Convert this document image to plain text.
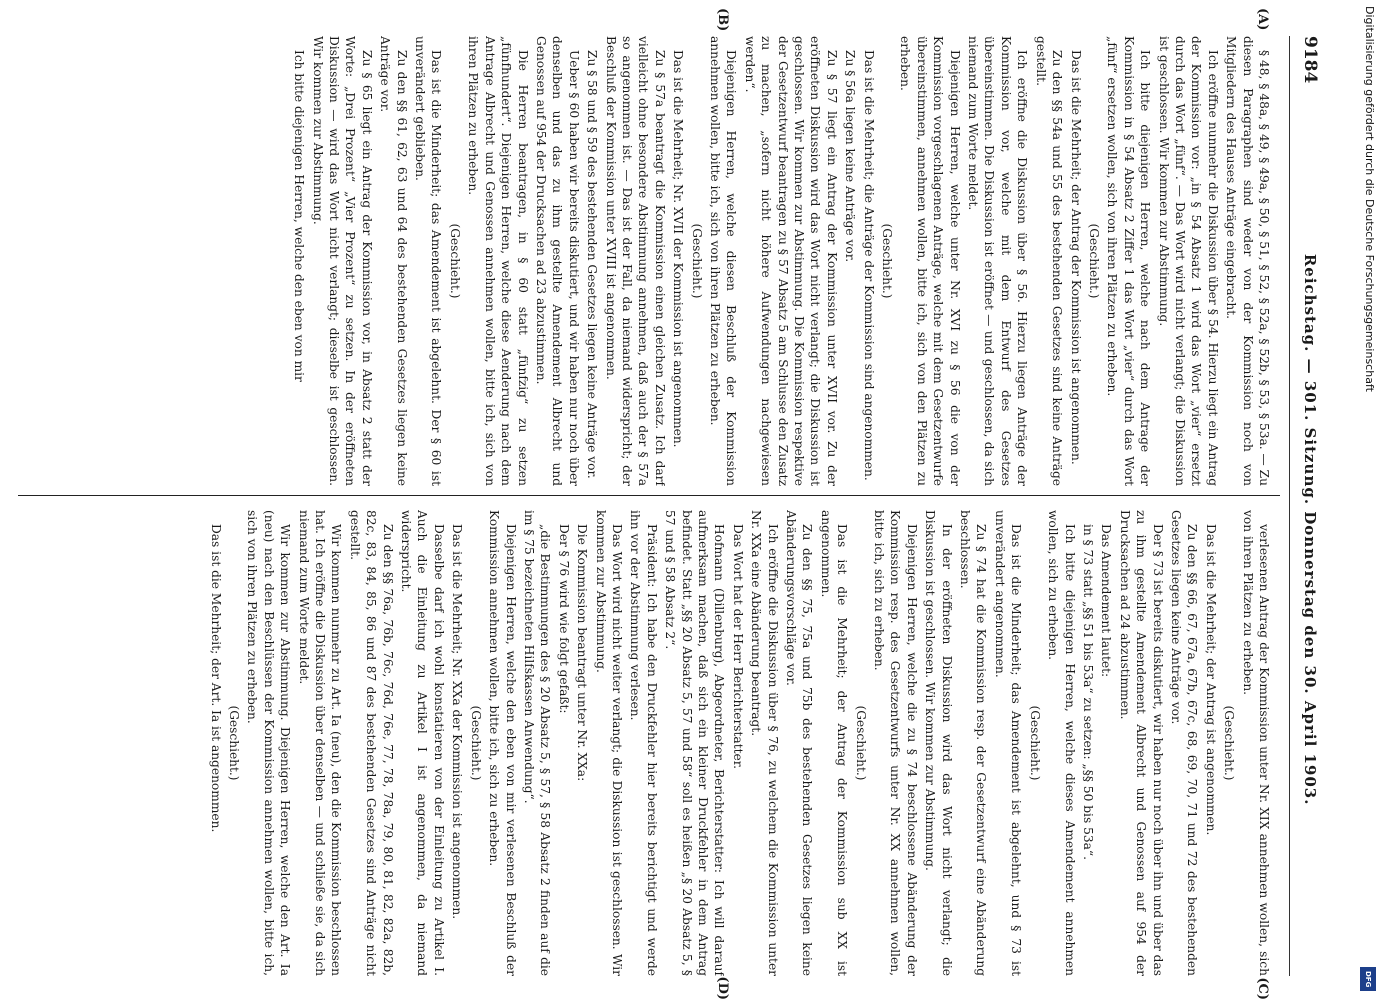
9184
Reichstag. — 301. Sitzung. Donnerstag den 30. April 1903.
(A)
(B)
(C)
(D)

§ 48, § 48a, § 49, § 49a, § 50, § 51, § 52, § 52a, § 52b, § 53, § 53a. — Zu diesen Paragraphen sind weder von der Kommission noch von Mitgliedern des Hauses Anträge eingebracht.

Ich eröffne nunmehr die Diskussion über § 54. Hierzu liegt ein Antrag der Kommission vor: „in § 54 Absatz 1 wird das Wort „vier“ ersetzt durch das Wort „fünf“. — Das Wort wird nicht verlangt; die Diskussion ist geschlossen. Wir kommen zur Abstimmung.

Ich bitte diejenigen Herren, welche nach dem Antrage der Kommission in § 54 Absatz 2 Ziffer 1 das Wort „vier“ durch das Wort „fünf“ ersetzen wollen, sich von ihren Plätzen zu erheben.

(Geschieht.)

Das ist die Mehrheit; der Antrag der Kommission ist angenommen.

Zu den §§ 54a und 55 des bestehenden Gesetzes sind keine Anträge gestellt.

Ich eröffne die Diskussion über § 56. Hierzu liegen Anträge der Kommission vor, welche mit dem Entwurf des Gesetzes übereinstimmen. Die Diskussion ist eröffnet — und geschlossen, da sich niemand zum Worte meldet.

Diejenigen Herren, welche unter Nr. XVI zu § 56 die von der Kommission vorgeschlagenen Anträge, welche mit dem Gesetzentwurfe übereinstimmen, annehmen wollen, bitte ich, sich von den Plätzen zu erheben.

(Geschieht.)

Das ist die Mehrheit; die Anträge der Kommission sind angenommen.

Zu § 56a liegen keine Anträge vor.

Zu § 57 liegt ein Antrag der Kommission unter XVII vor. Zu der eröffneten Diskussion wird das Wort nicht verlangt; die Diskussion ist geschlossen. Wir kommen zur Abstimmung. Die Kommission respektive der Gesetzentwurf beantragen zu § 57 Absatz 5 am Schlusse den Zusatz zu machen, „sofern nicht höhere Aufwendungen nachgewiesen werden“.

Diejenigen Herren, welche diesen Beschluß der Kommission annehmen wollen, bitte ich, sich von ihren Plätzen zu erheben.

(Geschieht.)

Das ist die Mehrheit; Nr. XVII der Kommission ist angenommen.

Zu § 57a beantragt die Kommission einen gleichen Zusatz. Ich darf vielleicht ohne besondere Abstimmung annehmen, daß auch der § 57a so angenommen ist. — Das ist der Fall, da niemand widerspricht; der Beschluß der Kommission unter XVIII ist angenommen.

Zu § 58 und § 59 des bestehenden Gesetzes liegen keine Anträge vor.

Ueber § 60 haben wir bereits diskutiert, und wir haben nur noch über denselben und das zu ihm gestellte Amendement Albrecht und Genossen auf 954 der Drucksachen ad 23 abzustimmen.

Die Herren beantragen, in § 60 statt „fünfzig“ zu setzen „fünfhundert“. Diejenigen Herren, welche diese Aenderung nach dem Antrage Albrecht und Genossen annehmen wollen, bitte ich, sich von ihren Plätzen zu erheben.

(Geschieht.)

Das ist die Minderheit; das Amendement ist abgelehnt. Der § 60 ist unverändert geblieben.

Zu den §§ 61, 62, 63 und 64 des bestehenden Gesetzes liegen keine Anträge vor.

Zu § 65 liegt ein Antrag der Kommission vor, in Absatz 2 statt der Worte: „Drei Prozent“ „Vier Prozent“ zu setzen. In der eröffneten Diskussion — wird das Wort nicht verlangt; dieselbe ist geschlossen. Wir kommen zur Abstimmung.

Ich bitte diejenigen Herren, welche den eben von mir

verlesenen Antrag der Kommission unter Nr. XIX annehmen wollen, sich von ihren Plätzen zu erheben.

(Geschieht.)

Das ist die Mehrheit; der Antrag ist angenommen.

Zu den §§ 66, 67, 67a, 67b, 67c, 68, 69, 70, 71 und 72 des bestehenden Gesetzes liegen keine Anträge vor.

Der § 73 ist bereits diskutiert, wir haben nur noch über ihn und über das zu ihm gestellte Amendement Albrecht und Genossen auf 954 der Drucksachen ad 24 abzustimmen.

Das Amendement lautet:

in § 73 statt „§§ 51 bis 53a“ zu setzen: „§§ 50 bis 53a“.

Ich bitte diejenigen Herren, welche dieses Amendement annehmen wollen, sich zu erheben.

(Geschieht.)

Das ist die Minderheit; das Amendement ist abgelehnt, und § 73 ist unverändert angenommen.

Zu § 74 hat die Kommission resp. der Gesetzentwurf eine Abänderung beschlossen.

In der eröffneten Diskussion wird das Wort nicht verlangt; die Diskussion ist geschlossen. Wir kommen zur Abstimmung.

Diejenigen Herren, welche die zu § 74 beschlossene Abänderung der Kommission resp. des Gesetzentwurfs unter Nr. XX annehmen wollen, bitte ich, sich zu erheben.

(Geschieht.)

Das ist die Mehrheit; der Antrag der Kommission sub XX ist angenommen.

Zu den §§ 75, 75a und 75b des bestehenden Gesetzes liegen keine Abänderungsvorschläge vor.

Ich eröffne die Diskussion über § 76, zu welchem die Kommission unter Nr. XXa eine Abänderung beantragt.

Das Wort hat der Herr Berichterstatter.

Hofmann (Dillenburg), Abgeordneter, Berichterstatter: Ich will darauf aufmerksam machen, daß sich ein kleiner Druckfehler in dem Antrag befindet. Statt „§§ 20 Absatz 5, 57 und 58“ soll es heißen „§ 20 Absatz 5, § 57 und § 58 Absatz 2“.

Präsident: Ich habe den Druckfehler hier bereits berichtigt und werde ihn vor der Abstimmung verlesen.

Das Wort wird nicht weiter verlangt; die Diskussion ist geschlossen. Wir kommen zur Abstimmung.

Die Kommission beantragt unter Nr. XXa:

Der § 76 wird wie folgt gefaßt:

„die Bestimmungen des § 20 Absatz 5, § 57, § 58 Absatz 2 finden auf die im § 75 bezeichneten Hilfskassen Anwendung“.

Diejenigen Herren, welche den eben von mir verlesenen Beschluß der Kommission annehmen wollen, bitte ich, sich zu erheben.

(Geschieht.)

Das ist die Mehrheit; Nr. XXa der Kommission ist angenommen.

Dasselbe darf ich wohl konstatieren von der Einleitung zu Artikel I. Auch die Einleitung zu Artikel I ist angenommen, da niemand widerspricht.

Zu den §§ 76a, 76b, 76c, 76d, 76e, 77, 78, 78a, 79, 80, 81, 82, 82a, 82b, 82c, 83, 84, 85, 86 und 87 des bestehenden Gesetzes sind Anträge nicht gestellt.

Wir kommen nunmehr zu Art. Ia (neu), den die Kommission beschlossen hat. Ich eröffne die Diskussion über denselben — und schließe sie, da sich niemand zum Worte meldet.

Wir kommen zur Abstimmung. Diejenigen Herren, welche den Art. Ia (neu) nach den Beschlüssen der Kommission annehmen wollen, bitte ich, sich von ihren Plätzen zu erheben.

(Geschieht.)

Das ist die Mehrheit; der Art. Ia ist angenommen.

Digitalisierung gefördert durch die Deutsche Forschungsgemeinschaft
DFG
